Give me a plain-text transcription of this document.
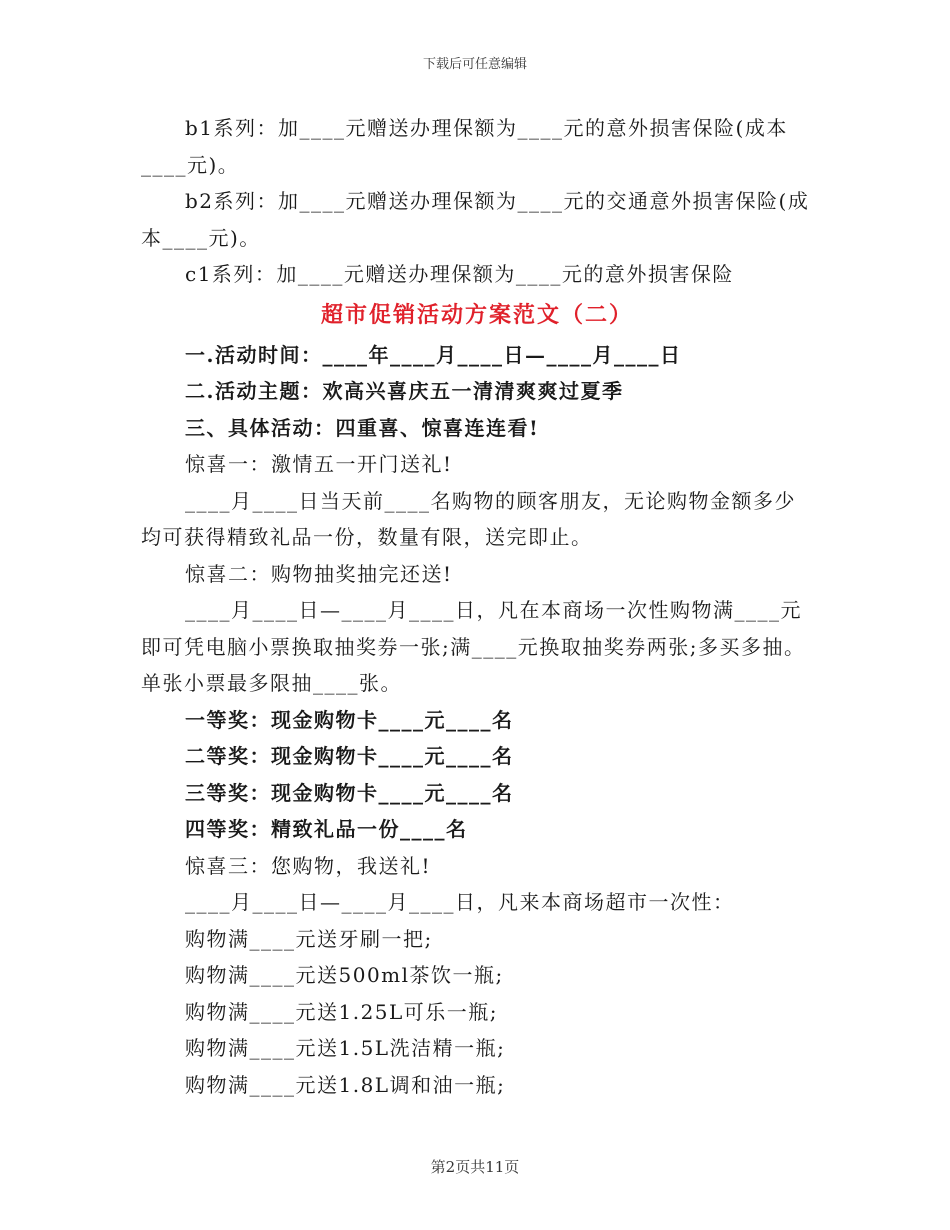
下载后可任意编辑

b1系列：加____元赠送办理保额为____元的意外损害保险(成本____元)。

b2系列：加____元赠送办理保额为____元的交通意外损害保险(成本____元)。

c1系列：加____元赠送办理保额为____元的意外损害保险

超市促销活动方案范文（二）

一.活动时间：____年____月____日—____月____日

二.活动主题：欢高兴喜庆五一清清爽爽过夏季

三、具体活动：四重喜、惊喜连连看!

惊喜一：激情五一开门送礼!

____月____日当天前____名购物的顾客朋友，无论购物金额多少均可获得精致礼品一份，数量有限，送完即止。

惊喜二：购物抽奖抽完还送!

____月____日—____月____日，凡在本商场一次性购物满____元即可凭电脑小票换取抽奖券一张;满____元换取抽奖券两张;多买多抽。单张小票最多限抽____张。

一等奖：现金购物卡____元____名

二等奖：现金购物卡____元____名

三等奖：现金购物卡____元____名

四等奖：精致礼品一份____名

惊喜三：您购物，我送礼!

____月____日—____月____日，凡来本商场超市一次性：

购物满____元送牙刷一把;

购物满____元送500ml茶饮一瓶;

购物满____元送1.25L可乐一瓶;

购物满____元送1.5L洗洁精一瓶;

购物满____元送1.8L调和油一瓶;

第2页共11页
